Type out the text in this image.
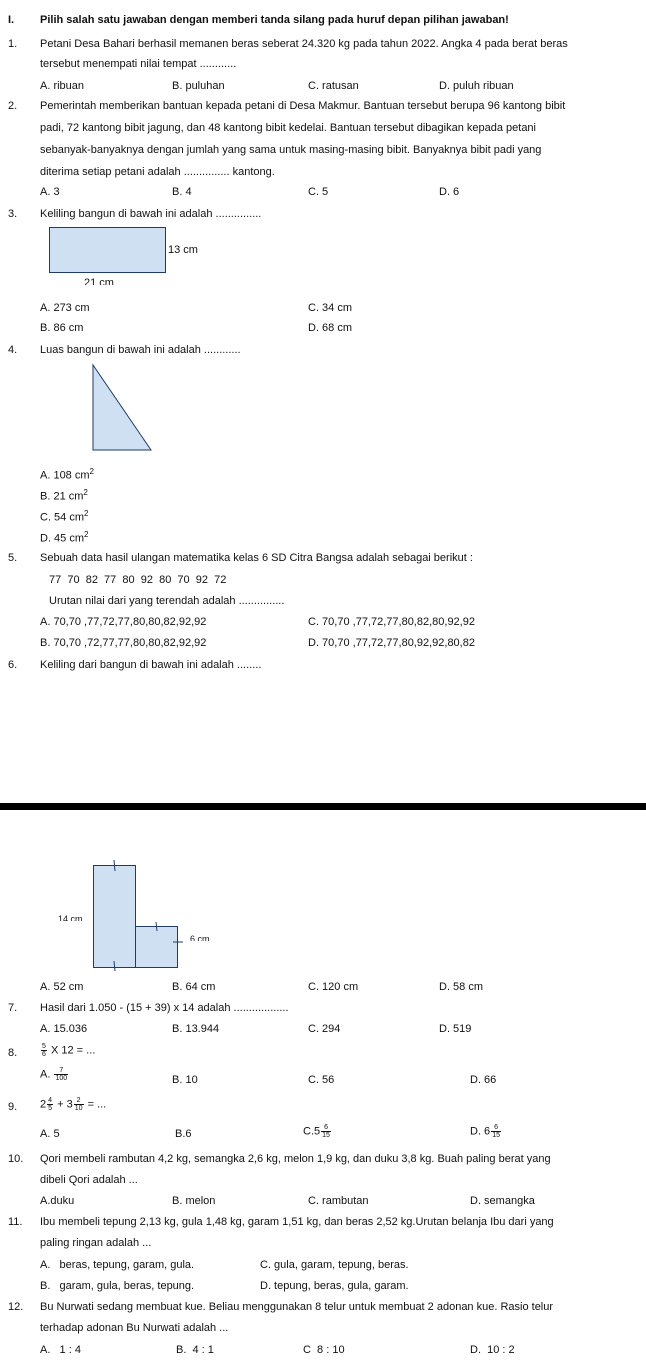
I. Pilih salah satu jawaban dengan memberi tanda silang pada huruf depan pilihan jawaban!
1. Petani Desa Bahari berhasil memanen beras seberat 24.320 kg pada tahun 2022. Angka 4 pada berat beras
tersebut menempati nilai tempat ............
A. ribuan	B. puluhan	C. ratusan	D. puluh ribuan
2. Pemerintah memberikan bantuan kepada petani di Desa Makmur. Bantuan tersebut berupa 96 kantong bibit
padi, 72 kantong bibit jagung, dan 48 kantong bibit kedelai. Bantuan tersebut dibagikan kepada petani
sebanyak-banyaknya dengan jumlah yang sama untuk masing-masing bibit. Banyaknya bibit padi yang
diterima setiap petani adalah ............... kantong.
A. 3	B. 4	C. 5	D. 6
3. Keliling bangun di bawah ini adalah ...............
13 cm
21 cm
A. 273 cm	C. 34 cm
B. 86 cm	D. 68 cm
4. Luas bangun di bawah ini adalah ............
A. 108 $cm^2$
B. 21 $cm^2$
C. 54 $cm^2$
D. 45 $cm^2$
5. Sebuah data hasil ulangan matematika kelas 6 SD Citra Bangsa adalah sebagai berikut :
77  70  82  77  80  92  80  70  92  72
Urutan nilai dari yang terendah adalah ...............
A. 70,70 ,77,72,77,80,80,82,92,92	C. 70,70 ,77,72,77,80,82,80,92,92
B. 70,70 ,72,77,77,80,80,82,92,92	D. 70,70 ,77,72,77,80,92,92,80,82
6. Keliling dari bangun di bawah ini adalah ........
14 cm
6 cm
A. 52 cm	B. 64 cm	C. 120 cm	D. 58 cm
7. Hasil dari 1.050 - (15 + 39) x 14 adalah ..................
A. 15.036	B. 13.944	C. 294	D. 519
8.	$\frac{5}{6}$ X 12 = ...
A. $\frac{7}{100}$	B. 10	C. 56	D. 66
9. $2 \frac{4}{5} + 3 \frac{2}{10}$ = ...
A. 5	B.6	$C.5 \frac{6}{15}$	D. $6 \frac{6}{15}$
10. Qori membeli rambutan 4,2 kg, semangka 2,6 kg, melon 1,9 kg, dan duku 3,8 kg. Buah paling berat yang
dibeli Qori adalah ...
A.duku	B. melon	C. rambutan	D. semangka
11. Ibu membeli tepung 2,13 kg, gula 1,48 kg, garam 1,51 kg, dan beras 2,52 kg.Urutan belanja Ibu dari yang
paling ringan adalah ...
A.   beras, tepung, garam, gula.	C. gula, garam, tepung, beras.
B.   garam, gula, beras, tepung.	D. tepung, beras, gula, garam.
12. Bu Nurwati sedang membuat kue. Beliau menggunakan 8 telur untuk membuat 2 adonan kue. Rasio telur
terhadap adonan Bu Nurwati adalah ...
A.   1 : 4	B.  4 : 1	C  8 : 10	D.  10 : 2
